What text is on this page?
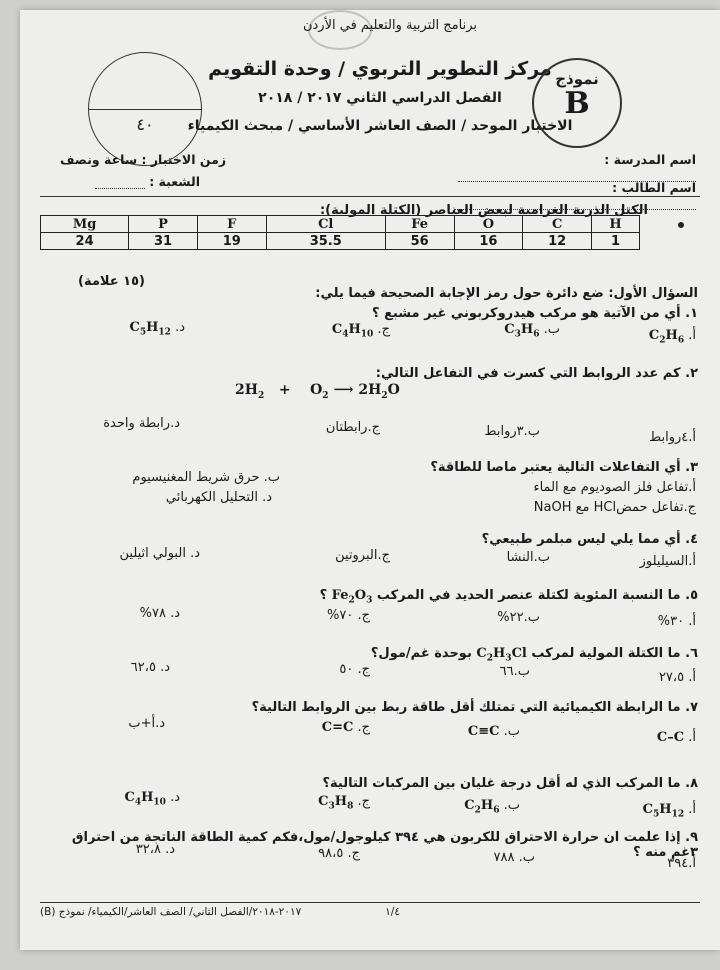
برنامج التربية والتعليم في الأردن
مركز التطوير التربوي / وحدة التقويم
الفصل الدراسي الثاني ٢٠١٧ / ٢٠١٨
الاختبار الموحد / الصف العاشر الأساسي / مبحث الكيمياء
٤٠
نموذج
B
اسم المدرسة :
زمن الاختبار : ساعة ونصف
اسم الطالب :
الشعبة :
الكتل الذرية الغرامية لبعض العناصر (الكتلة المولية):
Mg	P	F	Cl	Fe	O	C	H
24	31	19	35.5	56	16	12	1
(١٥ علامة)
السؤال الأول: ضع دائرة حول رمز الإجابة الصحيحة فيما يلي:
١. أي من الآتية هو مركب هيدروكربوني غير مشبع ؟
أ. $C_2H_6$
ب. $C_3H_6$
ج. $C_4H_{10}$
د. $C_5H_{12}$
٢. كم عدد الروابط التي كسرت في التفاعل التالي:
$2H_2 + O_2$ ⟶ $2H_2O$
أ.٤روابط
ب.٣روابط
ج.رابطتان
د.رابطة واحدة
٣. أي التفاعلات التالية يعتبر ماصا للطاقة؟
أ.تفاعل فلز الصوديوم مع الماء
ب. حرق شريط المغنيسيوم
ج.تفاعل حمضHCl مع NaOH
د. التحليل الكهربائي
٤. أي مما يلي ليس مبلمر طبيعي؟
أ.السيليلوز
ب.النشا
ج.البروتين
د. البولي اثيلين
٥. ما النسبة المئوية لكتلة عنصر الحديد في المركب $Fe_2O_3$ ؟
أ. ٣٠%
ب.٢٢%
ج. ٧٠%
د. ٧٨%
٦. ما الكتلة المولية لمركب $C_2H_3Cl$ بوحدة غم/مول؟
أ. ٢٧،٥
ب.٦٦
ج. ٥٠
د. ٦٢،٥
٧. ما الرابطة الكيميائية التي تمتلك أقل طاقة ربط بين الروابط التالية؟
أ. C–C
ب. C≡C
ج. C=C
د.أ+ب
٨. ما المركب الذي له أقل درجة غليان بين المركبات التالية؟
أ. $C_5H_{12}$
ب. $C_2H_6$
ج. $C_3H_8$
د. $C_4H_{10}$
٩. إذا علمت ان حرارة الاحتراق للكربون هي ٣٩٤ كيلوجول/مول،فكم كمية الطاقة الناتجة من احتراق ٣غم منه ؟
أ.٣٩٤
ب. ٧٨٨
ج. ٩٨،٥
د. ٣٢،٨
١/٤
٢٠١٧-٢٠١٨/الفصل الثاني/ الصف العاشر/الكيمياء/ نموذج (B)
